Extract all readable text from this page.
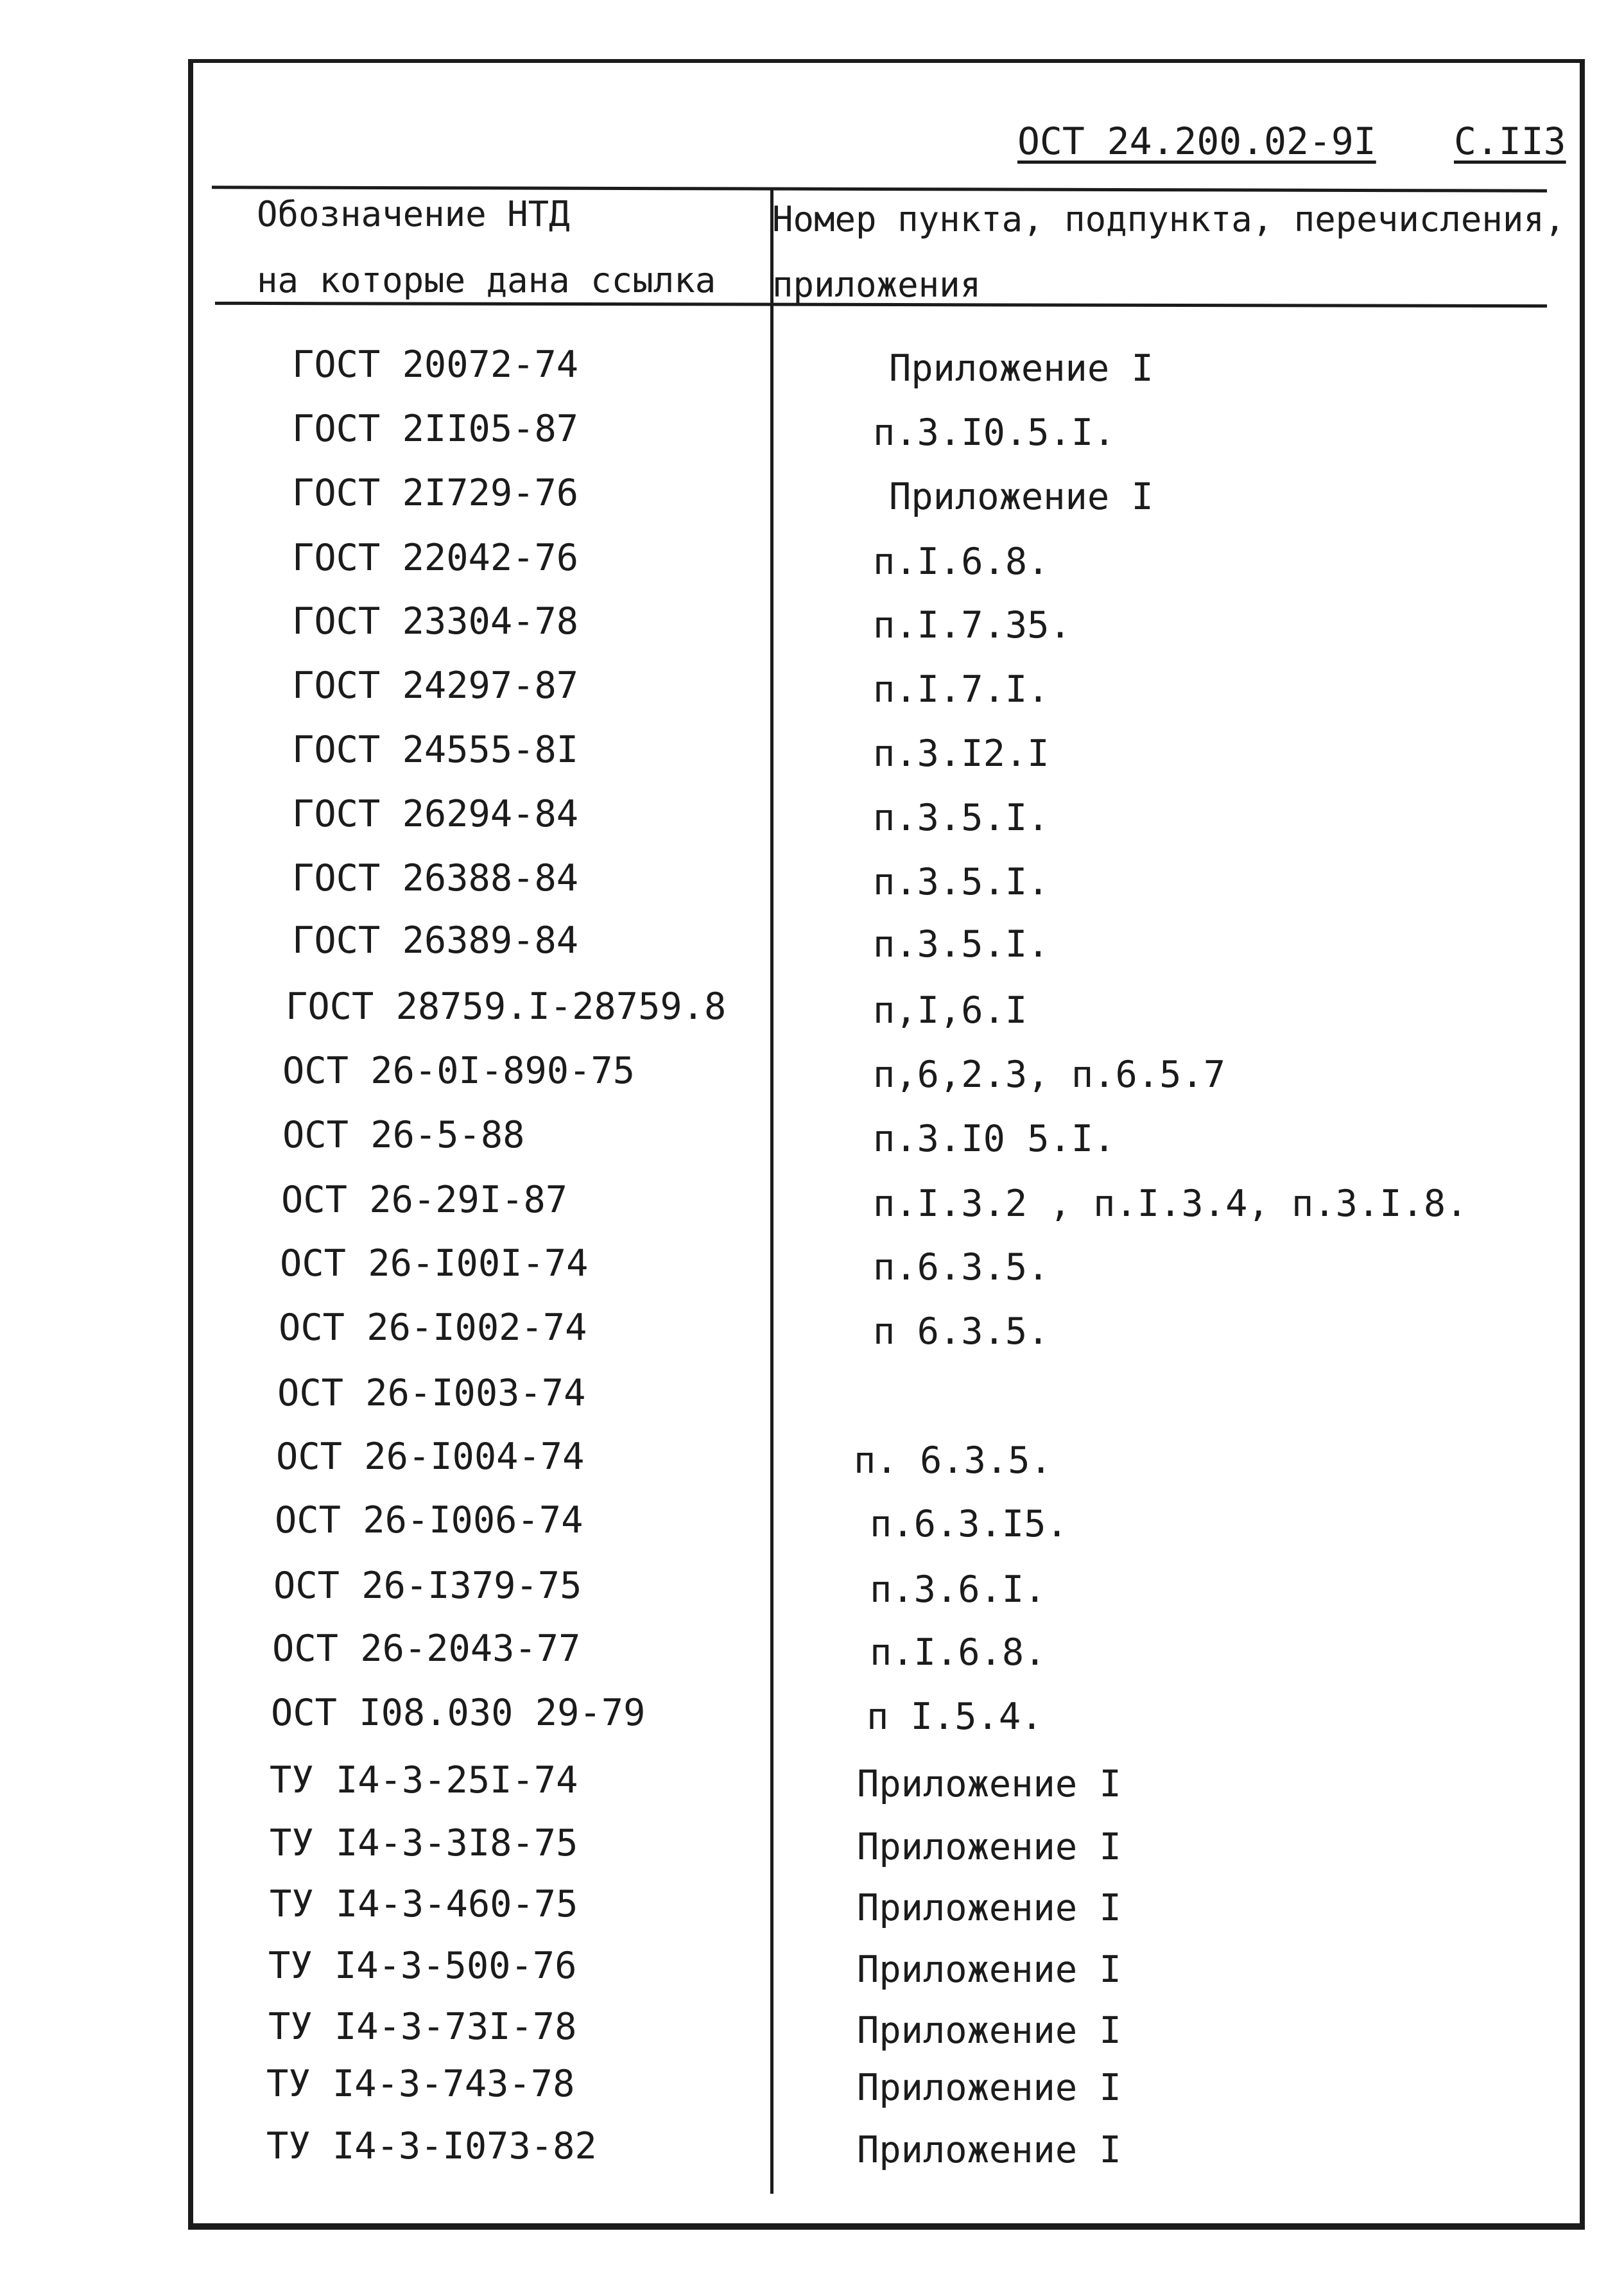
ОСТ 24.200.02-9I С.II3
Обозначение НТД
на которые дана ссылка
Номер пункта, подпункта, перечисления,
приложения
ГОСТ 20072-74	Приложение I
ГОСТ 2II05-87	п.3.I0.5.I.
ГОСТ 2I729-76	Приложение I
ГОСТ 22042-76	п.I.6.8.
ГОСТ 23304-78	п.I.7.35.
ГОСТ 24297-87	п.I.7.I.
ГОСТ 24555-8I	п.3.I2.I
ГОСТ 26294-84	п.3.5.I.
ГОСТ 26388-84	п.3.5.I.
ГОСТ 26389-84	п.3.5.I.
ГОСТ 28759.I-28759.8	п,I,6.I
ОСТ 26-0I-890-75	п,6,2.3, п.6.5.7
ОСТ 26-5-88	п.3.I0 5.I.
ОСТ 26-29I-87	п.I.3.2 , п.I.3.4, п.3.I.8.
ОСТ 26-I00I-74	п.6.3.5.
ОСТ 26-I002-74	п 6.3.5.
ОСТ 26-I003-74
ОСТ 26-I004-74	п. 6.3.5.
ОСТ 26-I006-74	п.6.3.I5.
ОСТ 26-I379-75	п.3.6.I.
ОСТ 26-2043-77	п.I.6.8.
ОСТ I08.030 29-79	п I.5.4.
ТУ I4-3-25I-74	Приложение I
ТУ I4-3-3I8-75	Приложение I
ТУ I4-3-460-75	Приложение I
ТУ I4-3-500-76	Приложение I
ТУ I4-3-73I-78	Приложение I
ТУ I4-3-743-78	Приложение I
ТУ I4-3-I073-82	Приложение I
